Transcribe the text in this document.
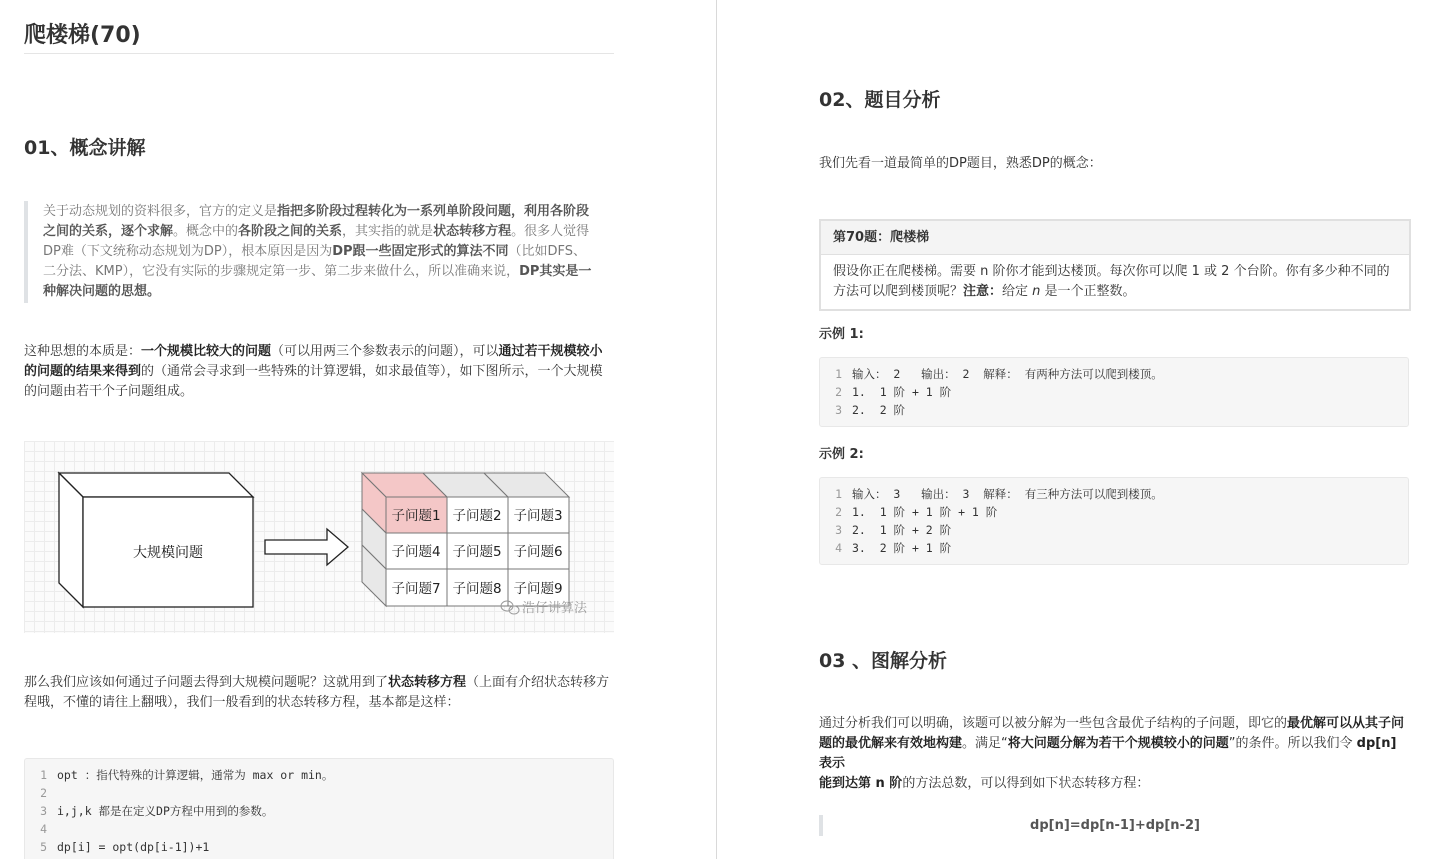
爬楼梯(70)
01、概念讲解
关于动态规划的资料很多，官方的定义是指把多阶段过程转化为一系列单阶段问题，利用各阶段
之间的关系，逐个求解。概念中的各阶段之间的关系，其实指的就是状态转移方程。很多人觉得
DP难（下文统称动态规划为DP），根本原因是因为DP跟一些固定形式的算法不同（比如DFS、
二分法、KMP），它没有实际的步骤规定第一步、第二步来做什么，所以准确来说，DP其实是一
种解决问题的思想。
这种思想的本质是：一个规模比较大的问题（可以用两三个参数表示的问题），可以通过若干规模较小
的问题的结果来得到的（通常会寻求到一些特殊的计算逻辑，如求最值等），如下图所示，一个大规模
的问题由若干个子问题组成。
大规模问题
子问题1 子问题2 子问题3
子问题4 子问题5 子问题6
子问题7 子问题8 子问题9
浩仔讲算法
那么我们应该如何通过子问题去得到大规模问题呢？这就用到了状态转移方程（上面有介绍状态转移方
程哦，不懂的请往上翻哦），我们一般看到的状态转移方程，基本都是这样：
1 opt ：指代特殊的计算逻辑，通常为 max or min。
2
3 i,j,k 都是在定义DP方程中用到的参数。
4
5 dp[i] = opt(dp[i-1])+1
02、题目分析
我们先看一道最简单的DP题目，熟悉DP的概念：
第70题：爬楼梯
假设你正在爬楼梯。需要 n 阶你才能到达楼顶。每次你可以爬 1 或 2 个台阶。你有多少种不同的
方法可以爬到楼顶呢？注意：给定 n 是一个正整数。
示例 1:
1 输入： 2   输出： 2  解释： 有两种方法可以爬到楼顶。
2 1.  1 阶 + 1 阶
3 2.  2 阶
示例 2:
1 输入： 3   输出： 3  解释： 有三种方法可以爬到楼顶。
2 1.  1 阶 + 1 阶 + 1 阶
3 2.  1 阶 + 2 阶
4 3.  2 阶 + 1 阶
03 、图解分析
通过分析我们可以明确，该题可以被分解为一些包含最优子结构的子问题，即它的最优解可以从其子问
题的最优解来有效地构建。满足“将大问题分解为若干个规模较小的问题”的条件。所以我们令 dp[n] 表示
能到达第 n 阶的方法总数，可以得到如下状态转移方程：
dp[n]=dp[n-1]+dp[n-2]
